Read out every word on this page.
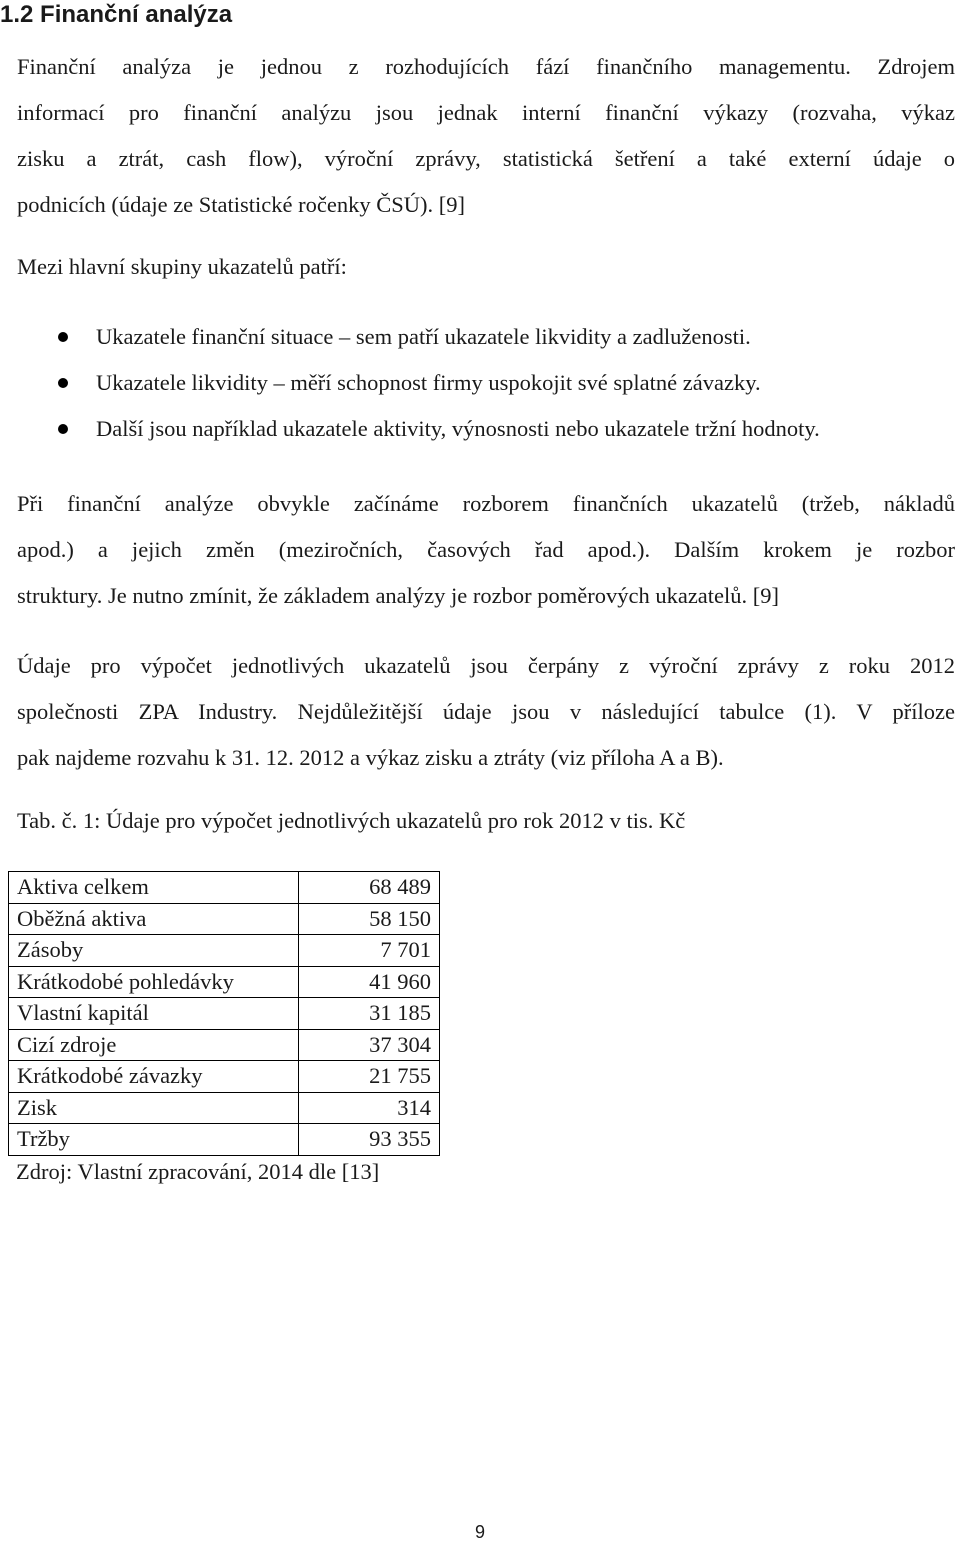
1.2 Finanční analýza
Finanční analýza je jednou z rozhodujících fází finančního managementu. Zdrojem
informací pro finanční analýzu jsou jednak interní finanční výkazy (rozvaha, výkaz
zisku a ztrát, cash flow), výroční zprávy, statistická šetření a také externí údaje o
podnicích (údaje ze Statistické ročenky ČSÚ). [9]
Mezi hlavní skupiny ukazatelů patří:
Ukazatele finanční situace – sem patří ukazatele likvidity a zadluženosti.
Ukazatele likvidity – měří schopnost firmy uspokojit své splatné závazky.
Další jsou například ukazatele aktivity, výnosnosti nebo ukazatele tržní hodnoty.
Při finanční analýze obvykle začínáme rozborem finančních ukazatelů (tržeb, nákladů
apod.) a jejich změn (meziročních, časových řad apod.). Dalším krokem je rozbor
struktury. Je nutno zmínit, že základem analýzy je rozbor poměrových ukazatelů. [9]
Údaje pro výpočet jednotlivých ukazatelů jsou čerpány z výroční zprávy z roku 2012
společnosti ZPA Industry. Nejdůležitější údaje jsou v následující tabulce (1). V příloze
pak najdeme rozvahu k 31. 12. 2012 a výkaz zisku a ztráty (viz příloha A a B).
Tab. č. 1: Údaje pro výpočet jednotlivých ukazatelů pro rok 2012 v tis. Kč
Aktiva celkem	68 489
Oběžná aktiva	58 150
Zásoby	7 701
Krátkodobé pohledávky	41 960
Vlastní kapitál	31 185
Cizí zdroje	37 304
Krátkodobé závazky	21 755
Zisk	314
Tržby	93 355
Zdroj: Vlastní zpracování, 2014 dle [13]
9
